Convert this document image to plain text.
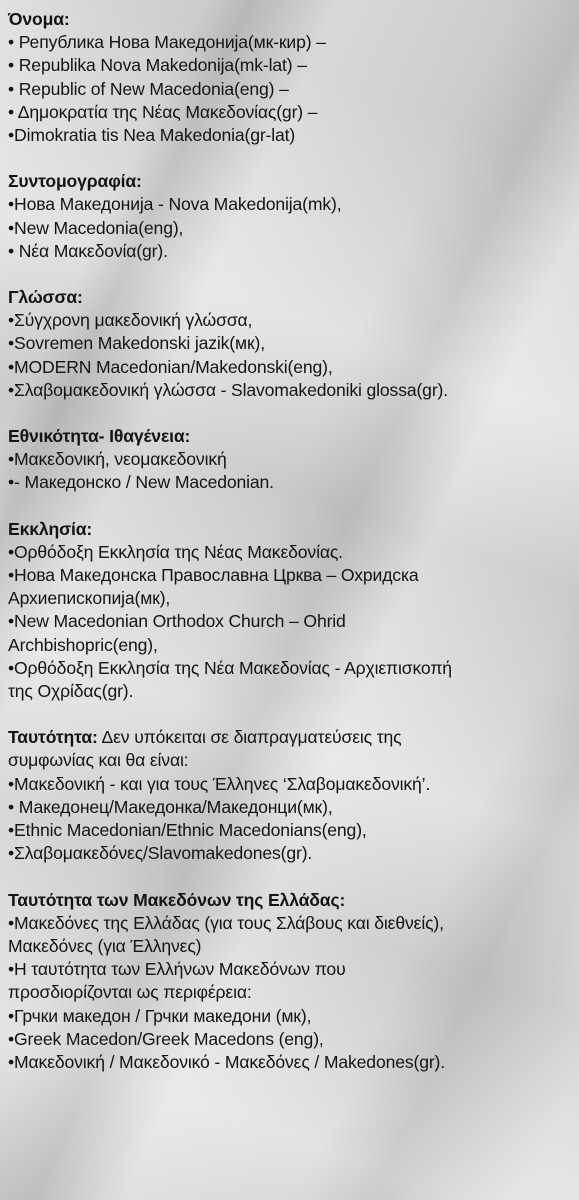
Όνομα:
• Република Нова Македонија(мк-кир) –
• Republika Nova Makedonija(mk-lat) –
• Republic of New Macedonia(eng) –
• Δημοκρατία της Νέας Μακεδονίας(gr) –
•Dimokratia tis Nea Makedonia(gr-lat)
Συντομογραφία:
•Нова Македонија - Nova Makedonija(mk),
•New Macedonia(eng),
• Νέα Μακεδονία(gr).
Γλώσσα:
•Σύγχρονη μακεδονική γλώσσα,
•Sovremen Makedonski jazik(мк),
•MODERN Macedonian/Makedonski(eng),
•Σλαβομακεδονική γλώσσα - Slavomakedoniki glossa(gr).
Εθνικότητα- Ιθαγένεια:
•Μακεδονική, νεομακεδονική
•- Македонско / New Macedonian.
Εκκλησία:
•Ορθόδοξη Εκκλησία της Νέας Μακεδονίας.
•Нова Македонска Православна Црква – Охридска
Архиепископија(мк),
•New Macedonian Orthodox Church – Ohrid
Archbishopric(eng),
•Ορθόδοξη Εκκλησία της Νέα Μακεδονίας - Αρχιεπισκοπή
της Οχρίδας(gr).
Ταυτότητα: Δεν υπόκειται σε διαπραγματεύσεις της
συμφωνίας και θα είναι:
•Μακεδονική - και για τους Έλληνες ‘Σλαβομακεδονική’.
• Македонец/Македонка/Македонци(мк),
•Ethnic Macedonian/Ethnic Macedonians(eng),
•Σλαβομακεδόνες/Slavomakedones(gr).
Ταυτότητα των Μακεδόνων της Ελλάδας:
•Μακεδόνες της Ελλάδας (για τους Σλάβους και διεθνείς),
Μακεδόνες (για Έλληνες)
•Η ταυτότητα των Ελλήνων Μακεδόνων που
προσδιορίζονται ως περιφέρεια:
•Грчки македон / Грчки македони (мк),
•Greek Macedon/Greek Macedons (eng),
•Μακεδονική / Μακεδονικό - Μακεδόνες / Makedones(gr).
